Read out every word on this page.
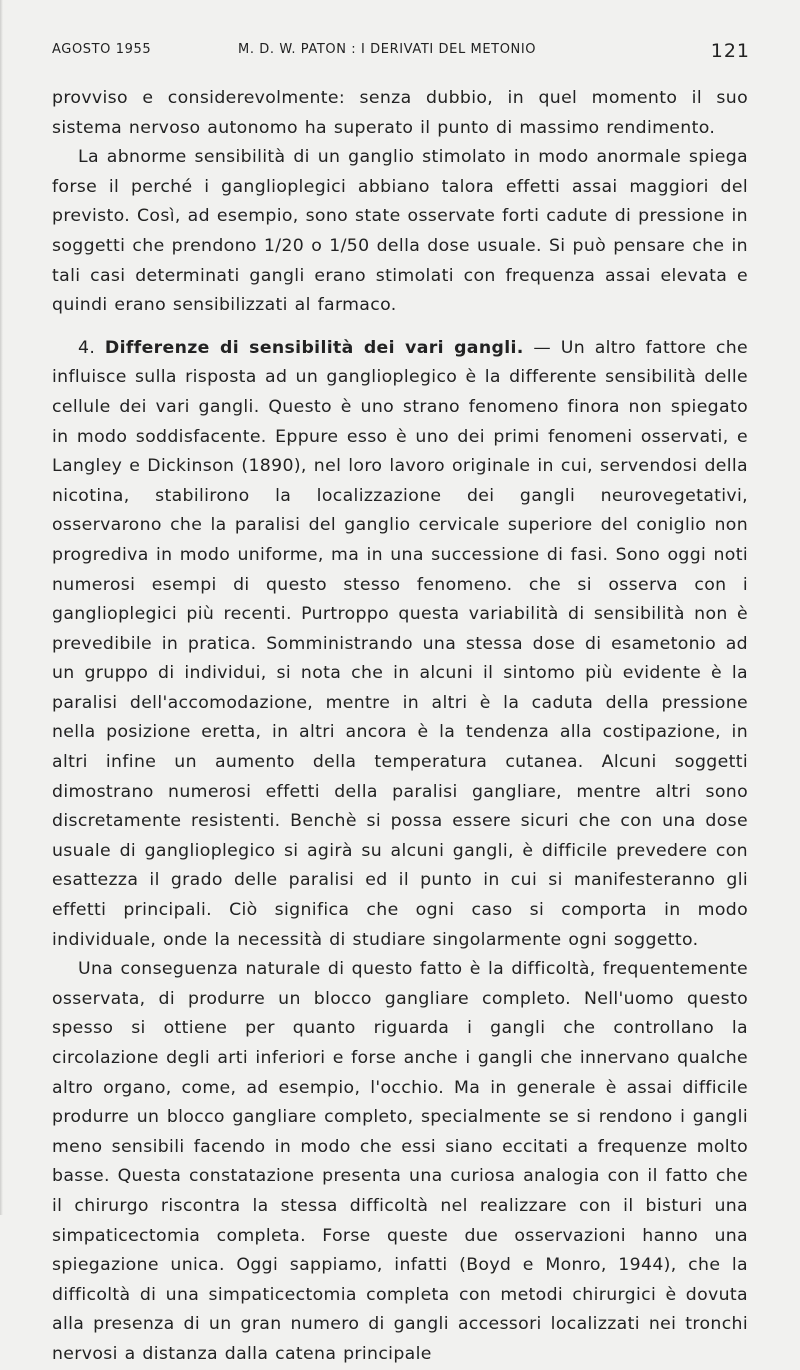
AGOSTO 1955	M. D. W. PATON : I DERIVATI DEL METONIO	121

provviso e considerevolmente: senza dubbio, in quel momento il suo sistema nervoso autonomo ha superato il punto di massimo rendimento.

La abnorme sensibilità di un ganglio stimolato in modo anormale spiega forse il perché i ganglioplegici abbiano talora effetti assai maggiori del previsto. Così, ad esempio, sono state osservate forti cadute di pressione in soggetti che prendono 1/20 o 1/50 della dose usuale. Si può pensare che in tali casi determinati gangli erano stimolati con frequenza assai elevata e quindi erano sensibilizzati al farmaco.

4. Differenze di sensibilità dei vari gangli. — Un altro fattore che influisce sulla risposta ad un ganglioplegico è la differente sensibilità delle cellule dei vari gangli. Questo è uno strano fenomeno finora non spiegato in modo soddisfacente. Eppure esso è uno dei primi fenomeni osservati, e Langley e Dickinson (1890), nel loro lavoro originale in cui, servendosi della nicotina, stabilirono la localizzazione dei gangli neurovegetativi, osservarono che la paralisi del ganglio cervicale superiore del coniglio non progrediva in modo uniforme, ma in una successione di fasi. Sono oggi noti numerosi esempi di questo stesso fenomeno. che si osserva con i ganglioplegici più recenti. Purtroppo questa variabilità di sensibilità non è prevedibile in pratica. Somministrando una stessa dose di esametonio ad un gruppo di individui, si nota che in alcuni il sintomo più evidente è la paralisi dell'accomodazione, mentre in altri è la caduta della pressione nella posizione eretta, in altri ancora è la tendenza alla costipazione, in altri infine un aumento della temperatura cutanea. Alcuni soggetti dimostrano numerosi effetti della paralisi gangliare, mentre altri sono discretamente resistenti. Benchè si possa essere sicuri che con una dose usuale di ganglioplegico si agirà su alcuni gangli, è difficile prevedere con esattezza il grado delle paralisi ed il punto in cui si manifesteranno gli effetti principali. Ciò significa che ogni caso si comporta in modo individuale, onde la necessità di studiare singolarmente ogni soggetto.

Una conseguenza naturale di questo fatto è la difficoltà, frequentemente osservata, di produrre un blocco gangliare completo. Nell'uomo questo spesso si ottiene per quanto riguarda i gangli che controllano la circolazione degli arti inferiori e forse anche i gangli che innervano qualche altro organo, come, ad esempio, l'occhio. Ma in generale è assai difficile produrre un blocco gangliare completo, specialmente se si rendono i gangli meno sensibili facendo in modo che essi siano eccitati a frequenze molto basse. Questa constatazione presenta una curiosa analogia con il fatto che il chirurgo riscontra la stessa difficoltà nel realizzare con il bisturi una simpaticectomia completa. Forse queste due osservazioni hanno una spiegazione unica. Oggi sappiamo, infatti (Boyd e Monro, 1944), che la difficoltà di una simpaticectomia completa con metodi chirurgici è dovuta alla presenza di un gran numero di gangli accessori localizzati nei tronchi nervosi a distanza dalla catena principale
